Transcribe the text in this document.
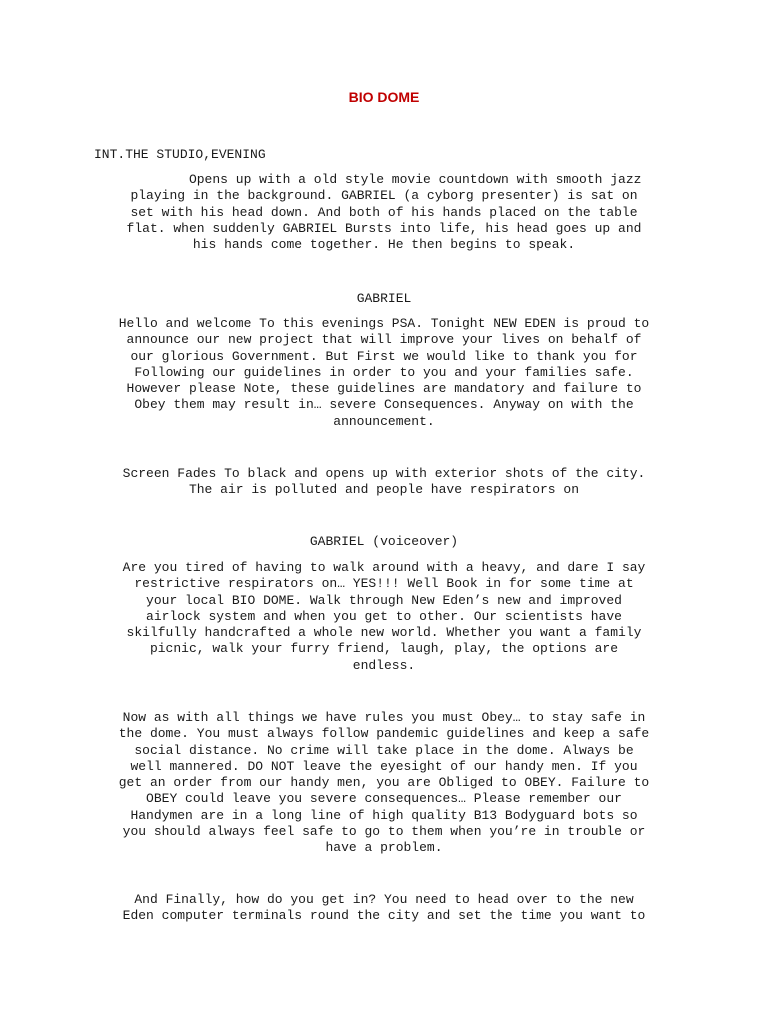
BIO DOME
INT.THE STUDIO,EVENING
Opens up with a old style movie countdown with smooth jazz
playing in the background. GABRIEL (a cyborg presenter) is sat on
set with his head down. And both of his hands placed on the table
flat. when suddenly GABRIEL Bursts into life, his head goes up and
his hands come together. He then begins to speak.
GABRIEL
Hello and welcome To this evenings PSA. Tonight NEW EDEN is proud to
announce our new project that will improve your lives on behalf of
our glorious Government. But First we would like to thank you for
Following our guidelines in order to you and your families safe.
However please Note, these guidelines are mandatory and failure to
Obey them may result in… severe Consequences. Anyway on with the
announcement.
Screen Fades To black and opens up with exterior shots of the city.
The air is polluted and people have respirators on
GABRIEL (voiceover)
Are you tired of having to walk around with a heavy, and dare I say
restrictive respirators on… YES!!! Well Book in for some time at
your local BIO DOME. Walk through New Eden’s new and improved
airlock system and when you get to other. Our scientists have
skilfully handcrafted a whole new world. Whether you want a family
picnic, walk your furry friend, laugh, play, the options are
endless.
Now as with all things we have rules you must Obey… to stay safe in
the dome. You must always follow pandemic guidelines and keep a safe
social distance. No crime will take place in the dome. Always be
well mannered. DO NOT leave the eyesight of our handy men. If you
get an order from our handy men, you are Obliged to OBEY. Failure to
OBEY could leave you severe consequences… Please remember our
Handymen are in a long line of high quality B13 Bodyguard bots so
you should always feel safe to go to them when you’re in trouble or
have a problem.
And Finally, how do you get in? You need to head over to the new
Eden computer terminals round the city and set the time you want to
